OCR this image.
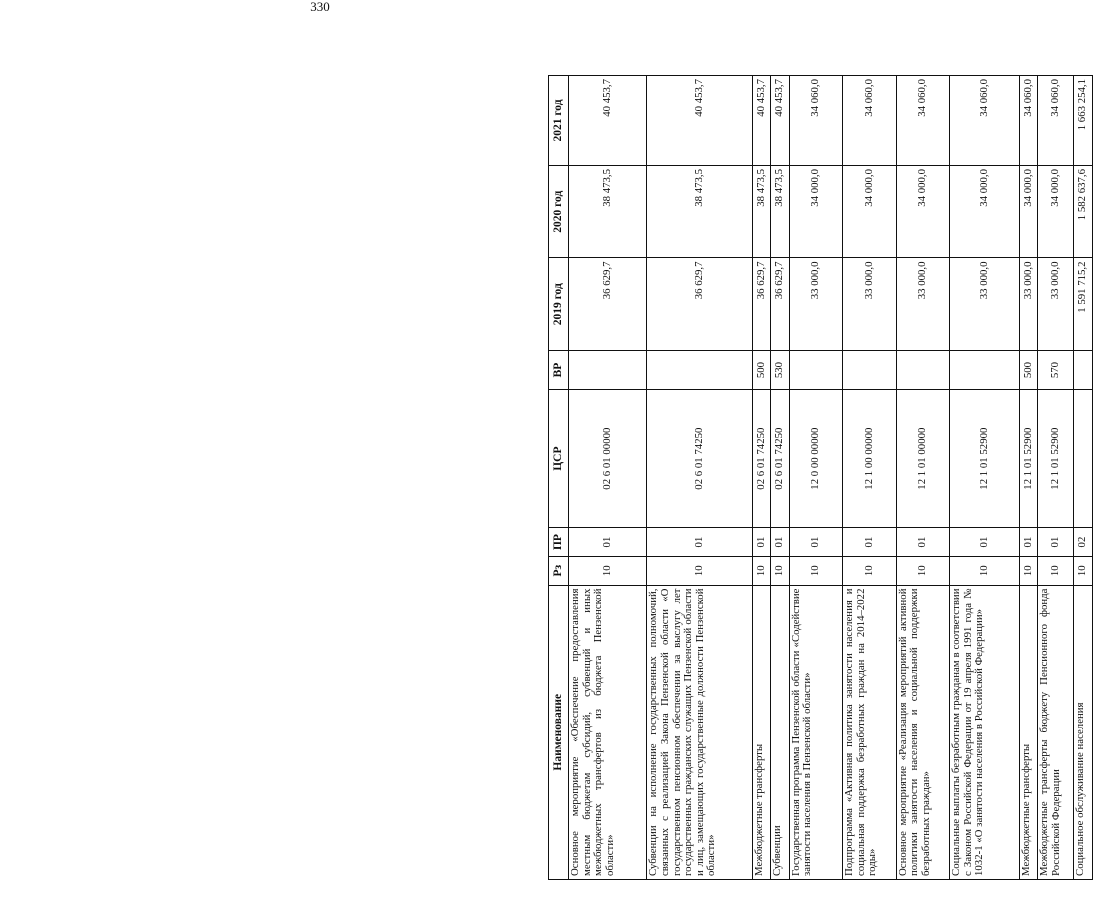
330
Наименование	Рз	ПР	ЦСР	ВР	2019 год	2020 год	2021 год
Основное мероприятие «Обеспечение предоставления местным бюджетам субсидий, субвенций и иных межбюджетных трансфертов из бюджета Пензенской области»	10	01	02 6 01 00000		36 629,7	38 473,5	40 453,7
Субвенции на исполнение государственных полномочий, связанных с реализацией Закона Пензенской области «О государственном пенсионном обеспечении за выслугу лет государственных гражданских служащих Пензенской области и лиц, замещающих государственные должности Пензенской области»	10	01	02 6 01 74250		36 629,7	38 473,5	40 453,7
Межбюджетные трансферты	10	01	02 6 01 74250	500	36 629,7	38 473,5	40 453,7
Субвенции	10	01	02 6 01 74250	530	36 629,7	38 473,5	40 453,7
Государственная программа Пензенской области «Содействие занятости населения в Пензенской области»	10	01	12 0 00 00000		33 000,0	34 000,0	34 060,0
Подпрограмма «Активная политика занятости населения и социальная поддержка безработных граждан на 2014–2022 годы»	10	01	12 1 00 00000		33 000,0	34 000,0	34 060,0
Основное мероприятие «Реализация мероприятий активной политики занятости населения и социальной поддержки безработных граждан»	10	01	12 1 01 00000		33 000,0	34 000,0	34 060,0
Социальные выплаты безработным гражданам в соответствии с Законом Российской Федерации от 19 апреля 1991 года № 1032-1 «О занятости населения в Российской Федерации»	10	01	12 1 01 52900		33 000,0	34 000,0	34 060,0
Межбюджетные трансферты	10	01	12 1 01 52900	500	33 000,0	34 000,0	34 060,0
Межбюджетные трансферты бюджету Пенсионного фонда Российской Федерации	10	01	12 1 01 52900	570	33 000,0	34 000,0	34 060,0
Социальное обслуживание населения	10	02			1 591 715,2	1 582 637,6	1 663 254,1
